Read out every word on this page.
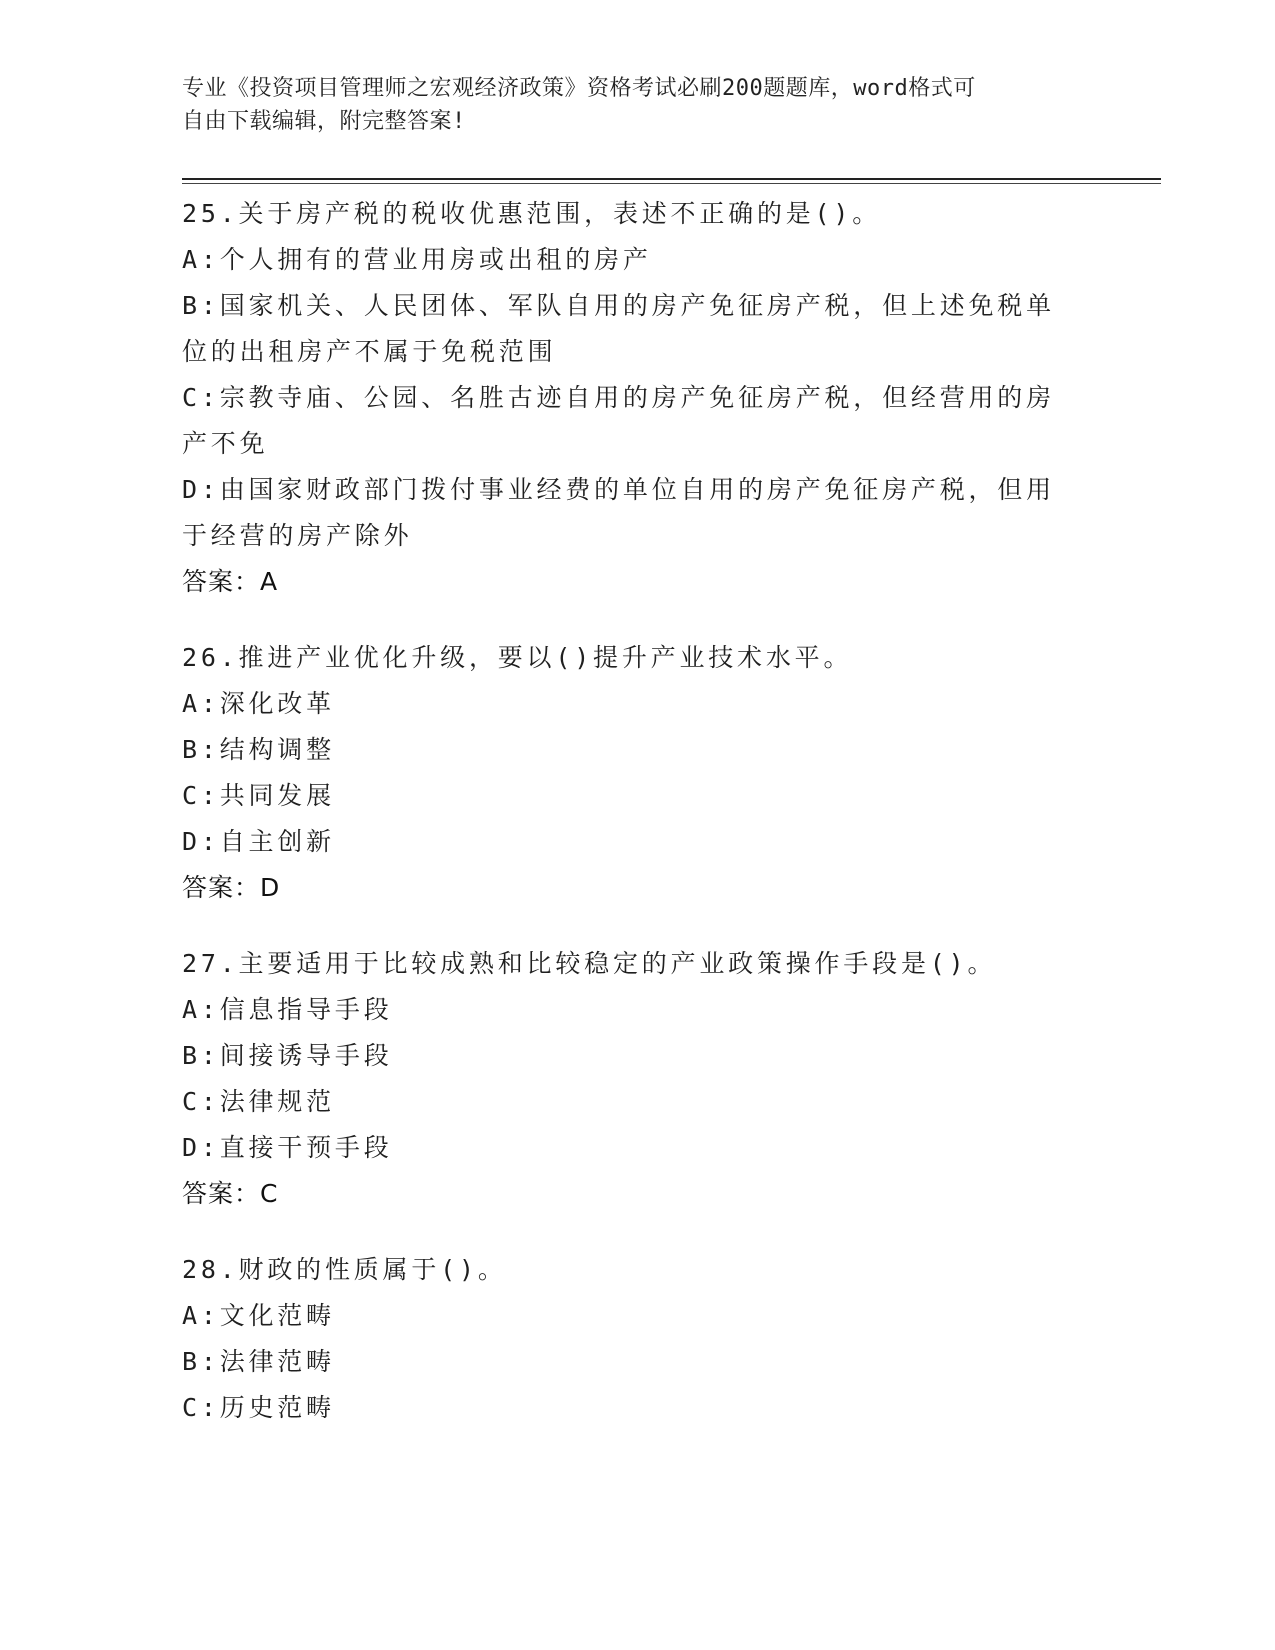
专业《投资项目管理师之宏观经济政策》资格考试必刷200题题库，word格式可
自由下载编辑，附完整答案!
25.关于房产税的税收优惠范围，表述不正确的是()。
A:个人拥有的营业用房或出租的房产
B:国家机关、人民团体、军队自用的房产免征房产税，但上述免税单
位的出租房产不属于免税范围
C:宗教寺庙、公园、名胜古迹自用的房产免征房产税，但经营用的房
产不免
D:由国家财政部门拨付事业经费的单位自用的房产免征房产税，但用
于经营的房产除外
答案：A
26.推进产业优化升级，要以()提升产业技术水平。
A:深化改革
B:结构调整
C:共同发展
D:自主创新
答案：D
27.主要适用于比较成熟和比较稳定的产业政策操作手段是()。
A:信息指导手段
B:间接诱导手段
C:法律规范
D:直接干预手段
答案：C
28.财政的性质属于()。
A:文化范畴
B:法律范畴
C:历史范畴
